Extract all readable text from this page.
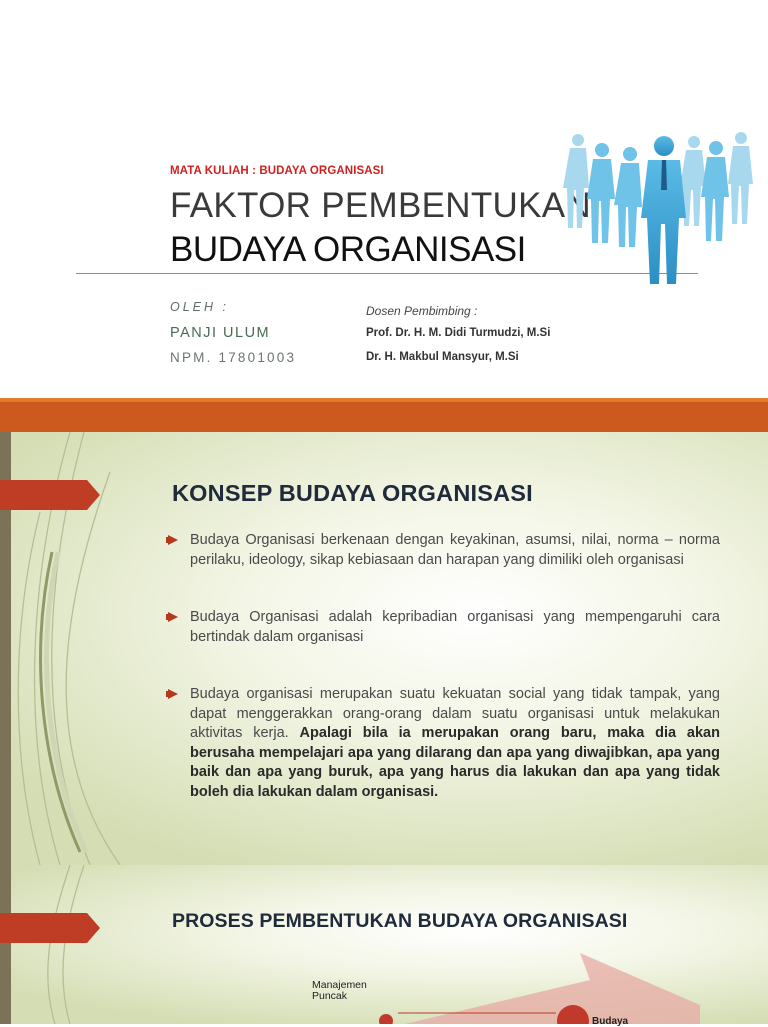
MATA KULIAH : BUDAYA ORGANISASI
FAKTOR PEMBENTUKAN
BUDAYA ORGANISASI
OLEH :
PANJI ULUM
NPM. 17801003
Dosen Pembimbing :
Prof. Dr. H. M. Didi Turmudzi, M.Si
Dr. H. Makbul Mansyur, M.Si
KONSEP BUDAYA ORGANISASI
Budaya Organisasi berkenaan dengan keyakinan, asumsi, nilai, norma – norma perilaku, ideology, sikap kebiasaan dan harapan yang dimiliki oleh organisasi
Budaya Organisasi adalah kepribadian organisasi yang mempengaruhi cara bertindak dalam organisasi
Budaya organisasi merupakan suatu kekuatan social yang tidak tampak, yang dapat menggerakkan orang-orang dalam suatu organisasi untuk melakukan aktivitas kerja. Apalagi bila ia merupakan orang baru, maka dia akan berusaha mempelajari apa yang dilarang dan apa yang diwajibkan, apa yang baik dan apa yang buruk, apa yang harus dia lakukan dan apa yang tidak boleh dia lakukan dalam organisasi.
PROSES PEMBENTUKAN BUDAYA ORGANISASI
Manajemen
Puncak
Budaya
